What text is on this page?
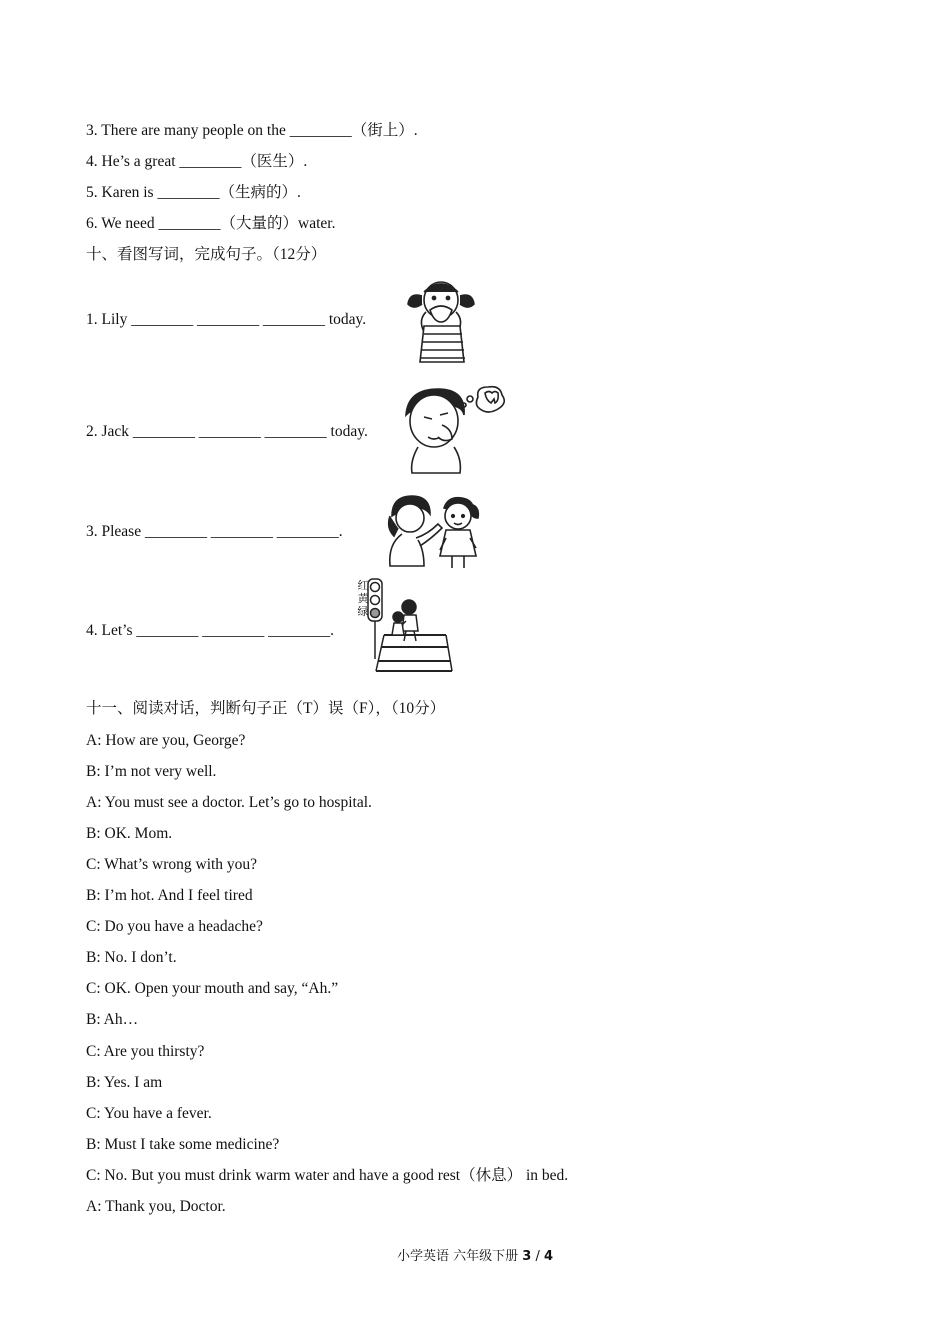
3. There are many people on the ________（街上）.
4. He’s a great ________（医生）.
5. Karen is ________（生病的）.
6. We need ________（大量的）water.
十、看图写词，完成句子。（12分）
1. Lily ________ ________ ________ today.
2. Jack ________ ________ ________ today.
3. Please ________ ________ ________.
4. Let’s ________ ________ ________.
红
黄
绿
十一、阅读对话，判断句子正（T）误（F），（10分）
A: How are you, George?
B: I’m not very well.
A: You must see a doctor. Let’s go to hospital.
B: OK. Mom.
C: What’s wrong with you?
B: I’m hot. And I feel tired
C: Do you have a headache?
B: No. I don’t.
C: OK. Open your mouth and say, “Ah.”
B: Ah…
C: Are you thirsty?
B: Yes. I am
C: You have a fever.
B: Must I take some medicine?
C: No. But you must drink warm water and have a good rest（休息） in bed.
A: Thank you, Doctor.
小学英语 六年级下册 3 / 4
